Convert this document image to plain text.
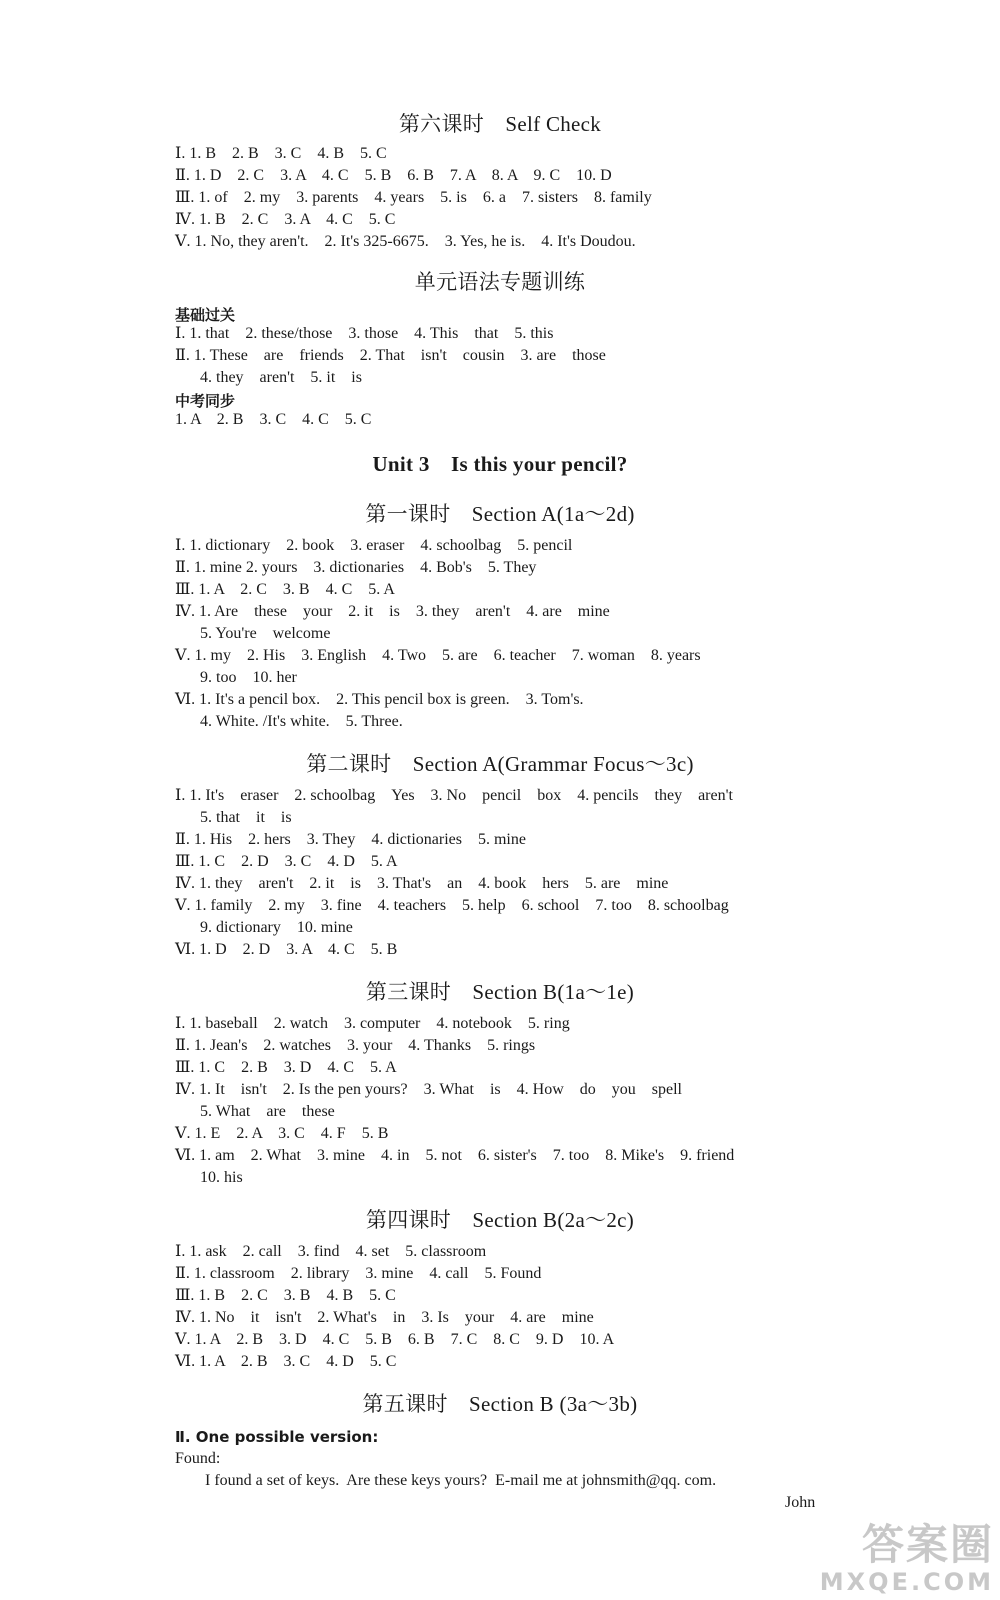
第六课时　Self Check
Ⅰ. 1. B　2. B　3. C　4. B　5. C
Ⅱ. 1. D　2. C　3. A　4. C　5. B　6. B　7. A　8. A　9. C　10. D
Ⅲ. 1. of　2. my　3. parents　4. years　5. is　6. a　7. sisters　8. family
Ⅳ. 1. B　2. C　3. A　4. C　5. C
Ⅴ. 1. No, they aren't.　2. It's 325-6675.　3. Yes, he is.　4. It's Doudou.
单元语法专题训练
基础过关
Ⅰ. 1. that　2. these/those　3. those　4. This　that　5. this
Ⅱ. 1. These　are　friends　2. That　isn't　cousin　3. are　those
4. they　aren't　5. it　is
中考同步
1. A　2. B　3. C　4. C　5. C
Unit 3　Is this your pencil?
第一课时　Section A(1a～2d)
Ⅰ. 1. dictionary　2. book　3. eraser　4. schoolbag　5. pencil
Ⅱ. 1. mine 2. yours　3. dictionaries　4. Bob's　5. They
Ⅲ. 1. A　2. C　3. B　4. C　5. A
Ⅳ. 1. Are　these　your　2. it　is　3. they　aren't　4. are　mine
5. You're　welcome
Ⅴ. 1. my　2. His　3. English　4. Two　5. are　6. teacher　7. woman　8. years
9. too　10. her
Ⅵ. 1. It's a pencil box.　2. This pencil box is green.　3. Tom's.
4. White. /It's white.　5. Three.
第二课时　Section A(Grammar Focus～3c)
Ⅰ. 1. It's　eraser　2. schoolbag　Yes　3. No　pencil　box　4. pencils　they　aren't
5. that　it　is
Ⅱ. 1. His　2. hers　3. They　4. dictionaries　5. mine
Ⅲ. 1. C　2. D　3. C　4. D　5. A
Ⅳ. 1. they　aren't　2. it　is　3. That's　an　4. book　hers　5. are　mine
Ⅴ. 1. family　2. my　3. fine　4. teachers　5. help　6. school　7. too　8. schoolbag
9. dictionary　10. mine
Ⅵ. 1. D　2. D　3. A　4. C　5. B
第三课时　Section B(1a～1e)
Ⅰ. 1. baseball　2. watch　3. computer　4. notebook　5. ring
Ⅱ. 1. Jean's　2. watches　3. your　4. Thanks　5. rings
Ⅲ. 1. C　2. B　3. D　4. C　5. A
Ⅳ. 1. It　isn't　2. Is the pen yours?　3. What　is　4. How　do　you　spell
5. What　are　these
Ⅴ. 1. E　2. A　3. C　4. F　5. B
Ⅵ. 1. am　2. What　3. mine　4. in　5. not　6. sister's　7. too　8. Mike's　9. friend
10. his
第四课时　Section B(2a～2c)
Ⅰ. 1. ask　2. call　3. find　4. set　5. classroom
Ⅱ. 1. classroom　2. library　3. mine　4. call　5. Found
Ⅲ. 1. B　2. C　3. B　4. B　5. C
Ⅳ. 1. No　it　isn't　2. What's　in　3. Is　your　4. are　mine
Ⅴ. 1. A　2. B　3. D　4. C　5. B　6. B　7. C　8. C　9. D　10. A
Ⅵ. 1. A　2. B　3. C　4. D　5. C
第五课时　Section B (3a～3b)
Ⅱ. One possible version:
Found:
I found a set of keys.  Are these keys yours?  E-mail me at johnsmith@qq. com.
John
答案圈
MXQE.COM
